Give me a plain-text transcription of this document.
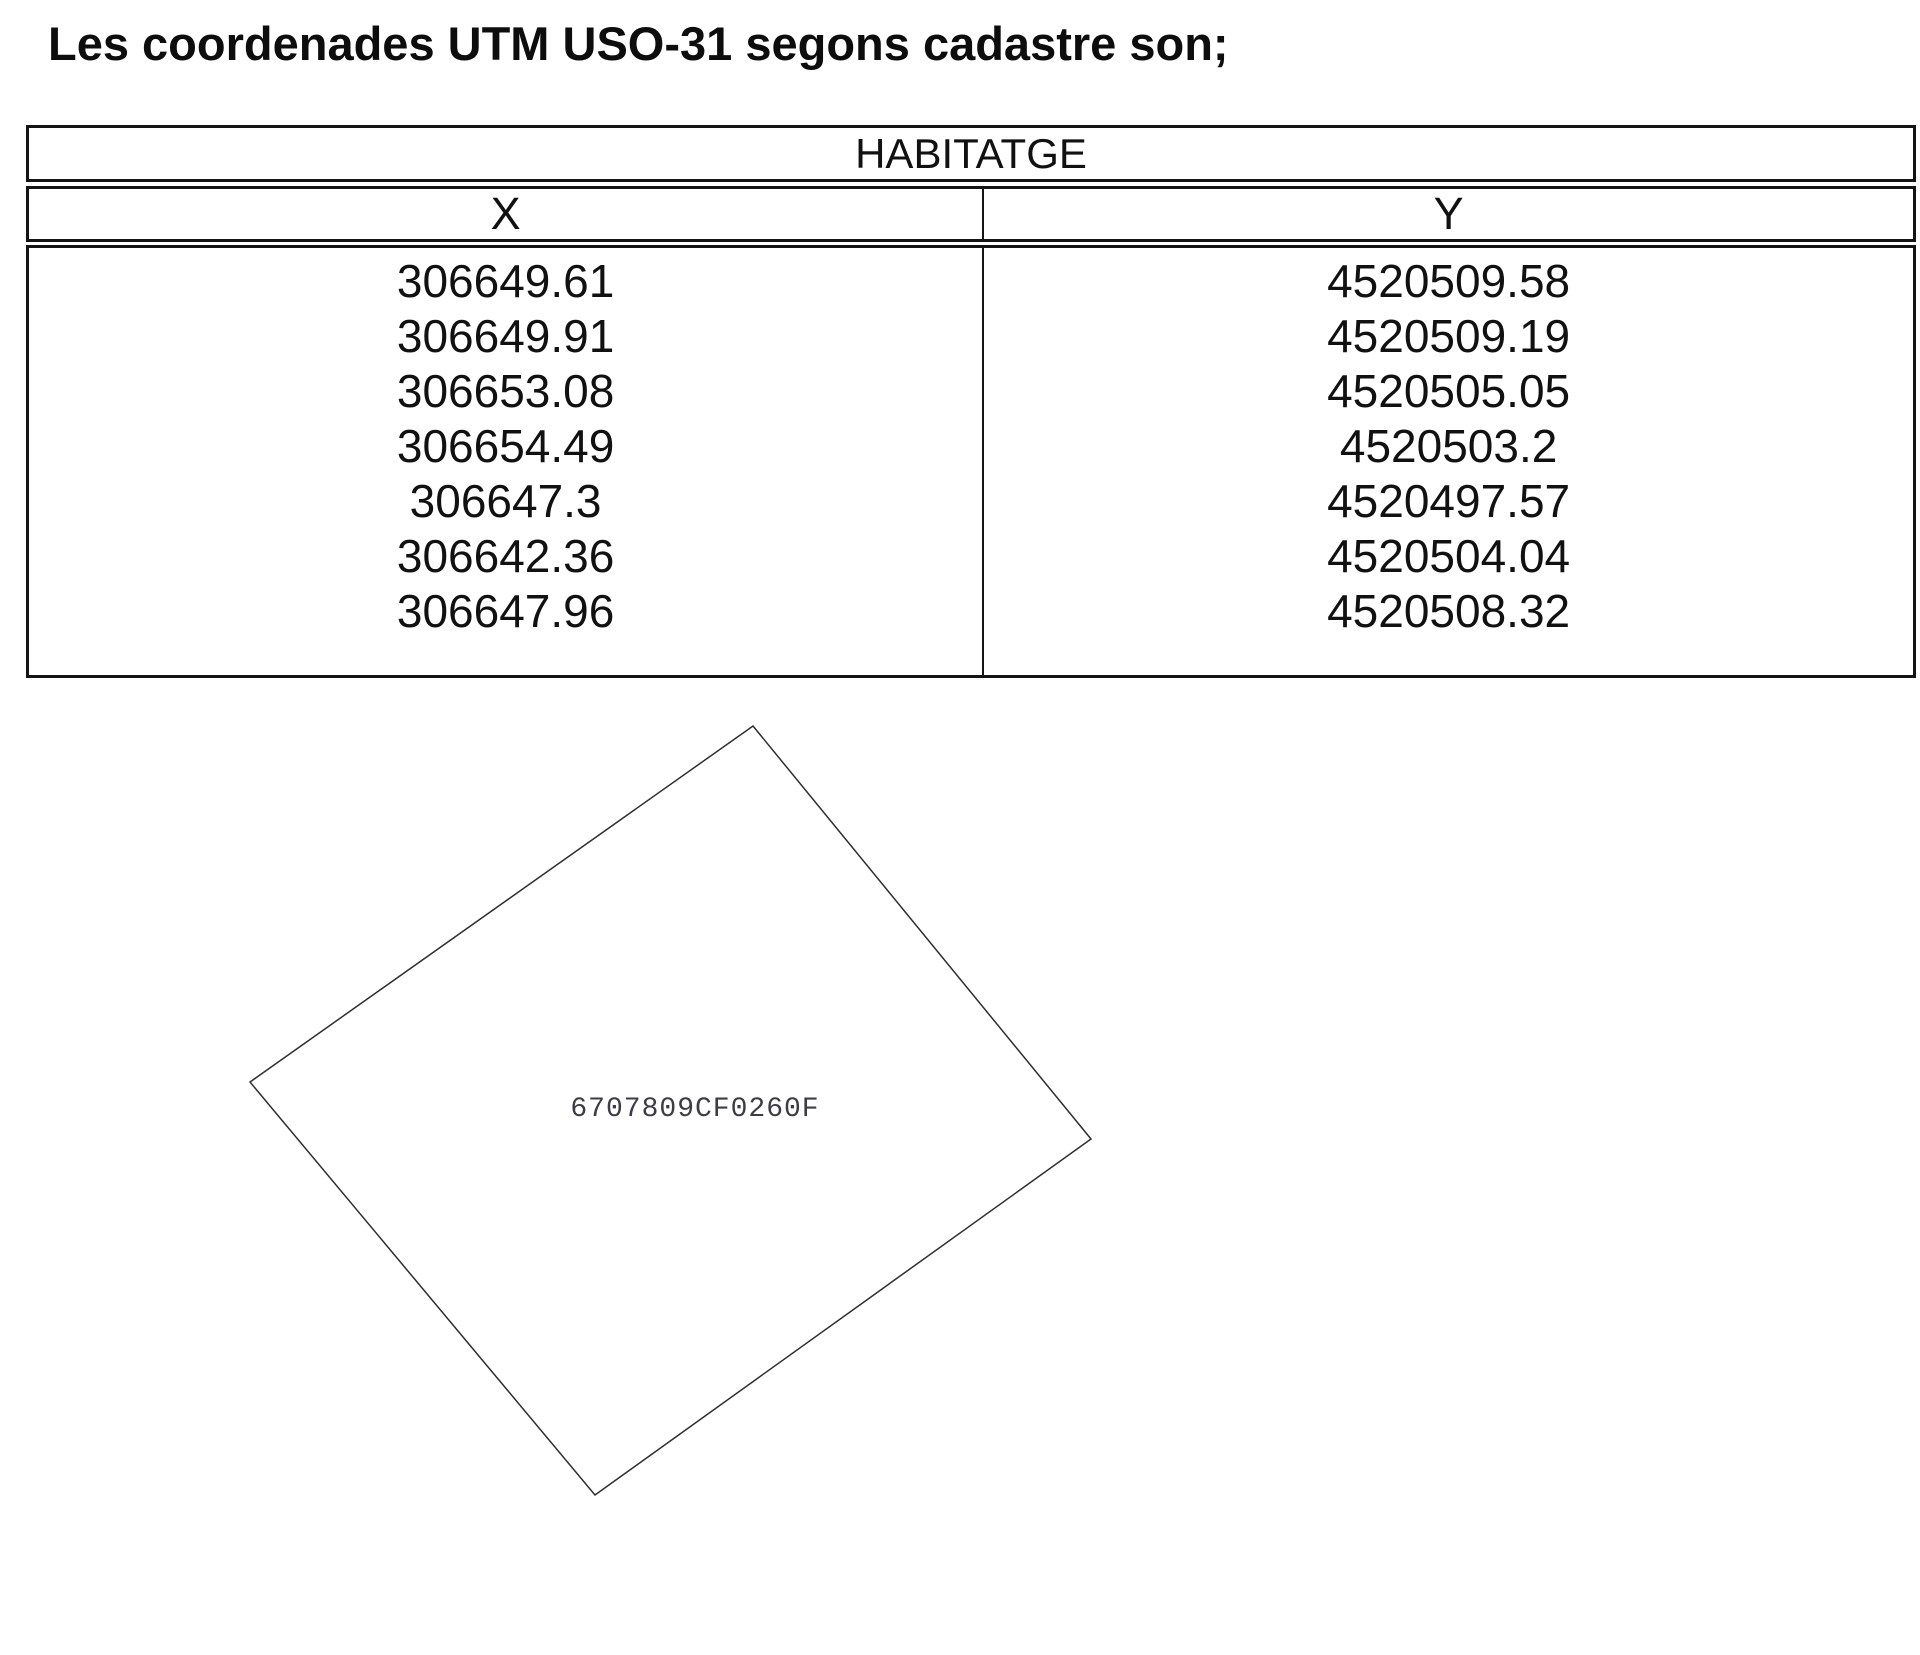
Les coordenades UTM USO-31 segons cadastre son;
HABITATGE
X	Y
306649.61
306649.91
306653.08
306654.49
306647.3
306642.36
306647.96
4520509.58
4520509.19
4520505.05
4520503.2
4520497.57
4520504.04
4520508.32
6707809CF0260F
